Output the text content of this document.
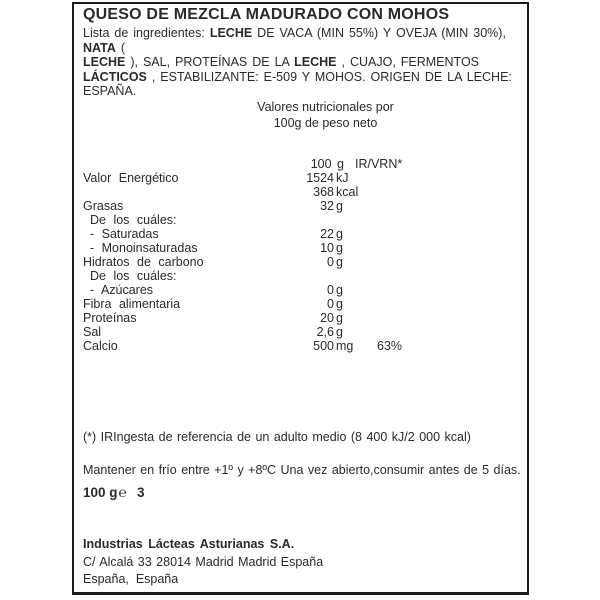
QUESO DE MEZCLA MADURADO CON MOHOS
Lista de ingredientes: LECHE DE VACA (MIN 55%) Y OVEJA (MIN 30%), NATA (
LECHE ), SAL, PROTEÍNAS DE LA LECHE , CUAJO, FERMENTOS
LÁCTICOS , ESTABILIZANTE: E-509 Y MOHOS. ORIGEN DE LA LECHE:
ESPAÑA.
Valores nutricionales por
100g de peso neto
100 g IR/VRN*
Valor Energético	1524 kJ
368 kcal
Grasas	32 g
De los cuáles:
- Saturadas	22 g
- Monoinsaturadas	10 g
Hidratos de carbono	0 g
De los cuáles:
- Azúcares	0 g
Fibra alimentaria	0 g
Proteínas	20 g
Sal	2,6 g
Calcio	500 mg 63%
(*) IRIngesta de referencia de un adulto medio (8 400 kJ/2 000 kcal)
Mantener en frío entre +1º y +8ºC Una vez abierto,consumir antes de 5 días.
100 g℮ 3
Industrias Lácteas Asturianas S.A.
C/ Alcalá 33 28014 Madrid Madrid España
España,  España
